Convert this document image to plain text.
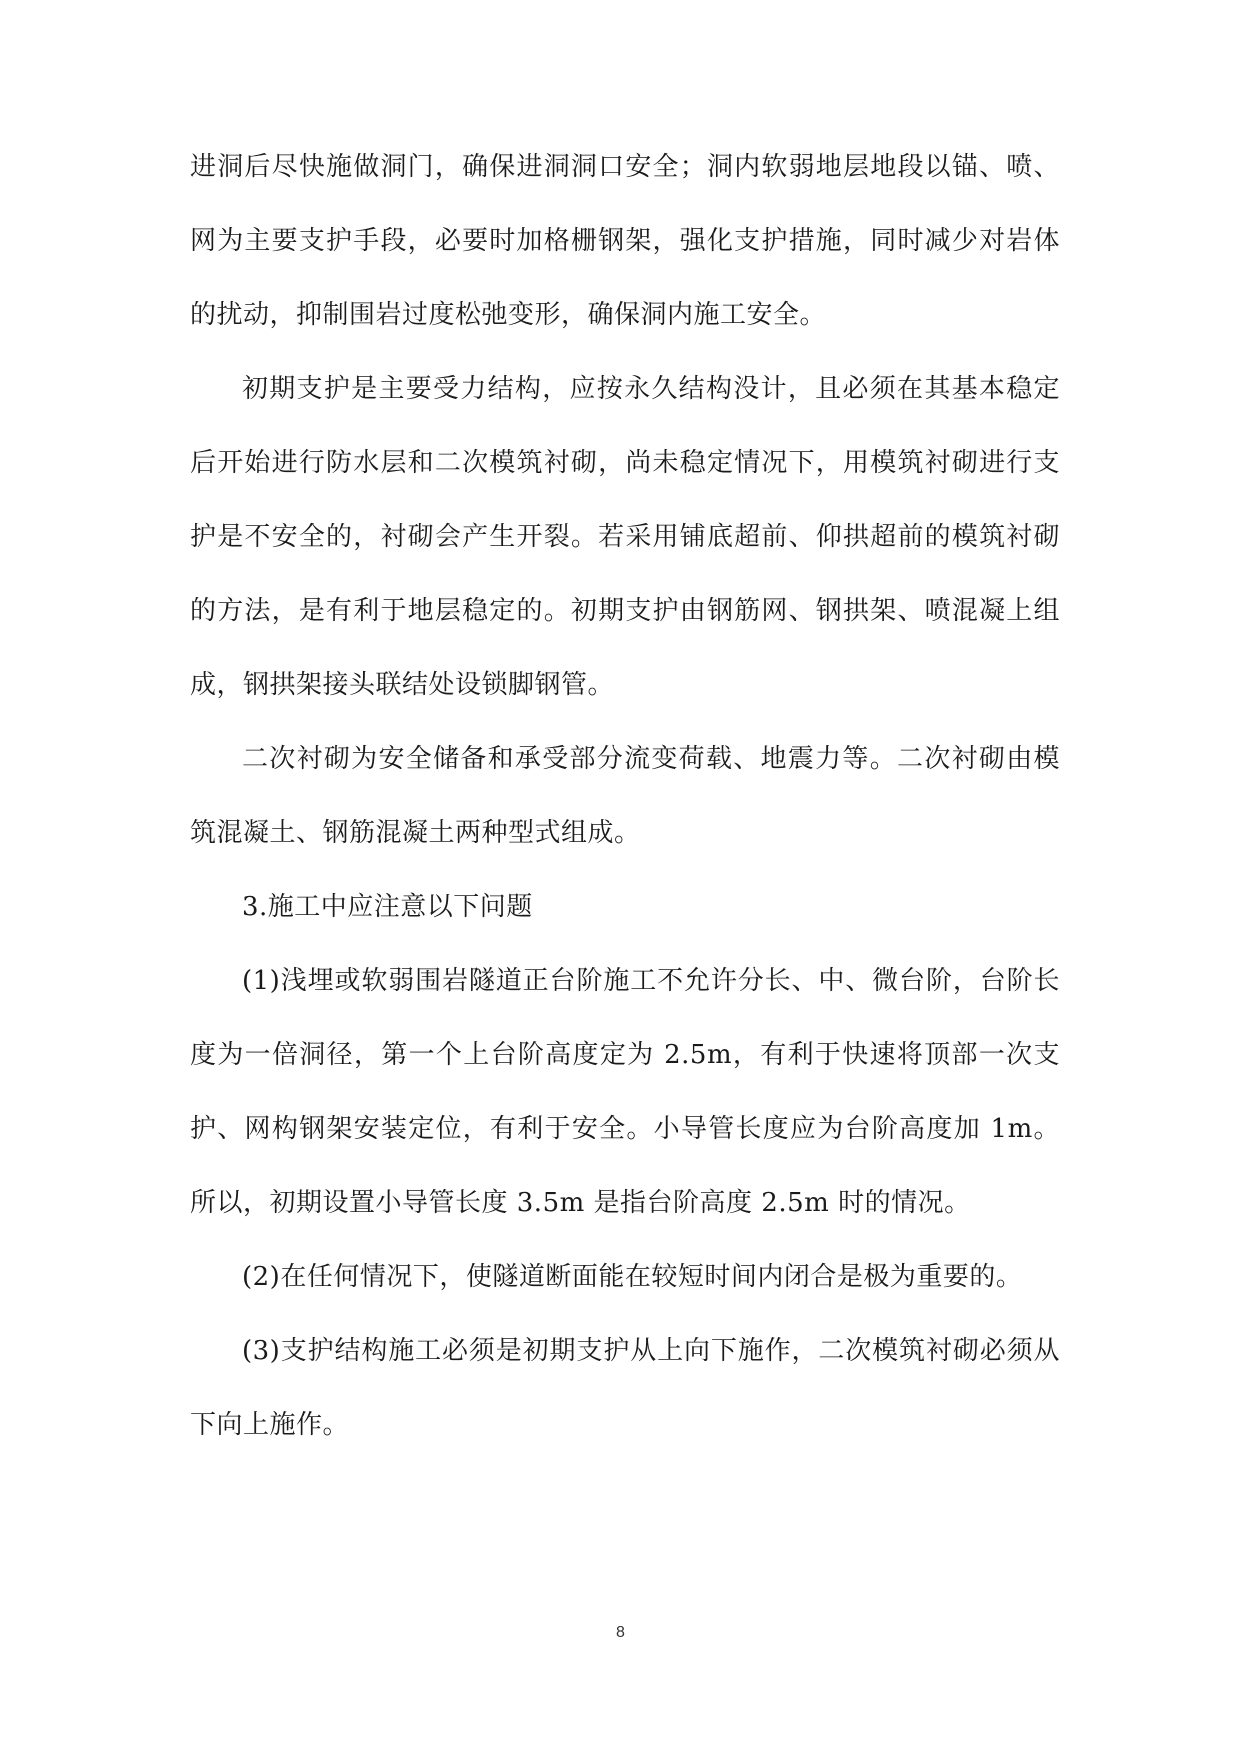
进洞后尽快施做洞门，确保进洞洞口安全；洞内软弱地层地段以锚、喷、网为主要支护手段，必要时加格栅钢架，强化支护措施，同时减少对岩体的扰动，抑制围岩过度松弛变形，确保洞内施工安全。

初期支护是主要受力结构，应按永久结构没计，且必须在其基本稳定后开始进行防水层和二次模筑衬砌，尚未稳定情况下，用模筑衬砌进行支护是不安全的，衬砌会产生开裂。若采用铺底超前、仰拱超前的模筑衬砌的方法，是有利于地层稳定的。初期支护由钢筋网、钢拱架、喷混凝上组成，钢拱架接头联结处设锁脚钢管。

二次衬砌为安全储备和承受部分流变荷载、地震力等。二次衬砌由模筑混凝土、钢筋混凝土两种型式组成。

3.施工中应注意以下问题

(1)浅埋或软弱围岩隧道正台阶施工不允许分长、中、微台阶，台阶长度为一倍洞径，第一个上台阶高度定为 2.5m，有利于快速将顶部一次支护、网构钢架安装定位，有利于安全。小导管长度应为台阶高度加 1m。所以，初期设置小导管长度 3.5m 是指台阶高度 2.5m 时的情况。

(2)在任何情况下，使隧道断面能在较短时间内闭合是极为重要的。

(3)支护结构施工必须是初期支护从上向下施作，二次模筑衬砌必须从下向上施作。

8
